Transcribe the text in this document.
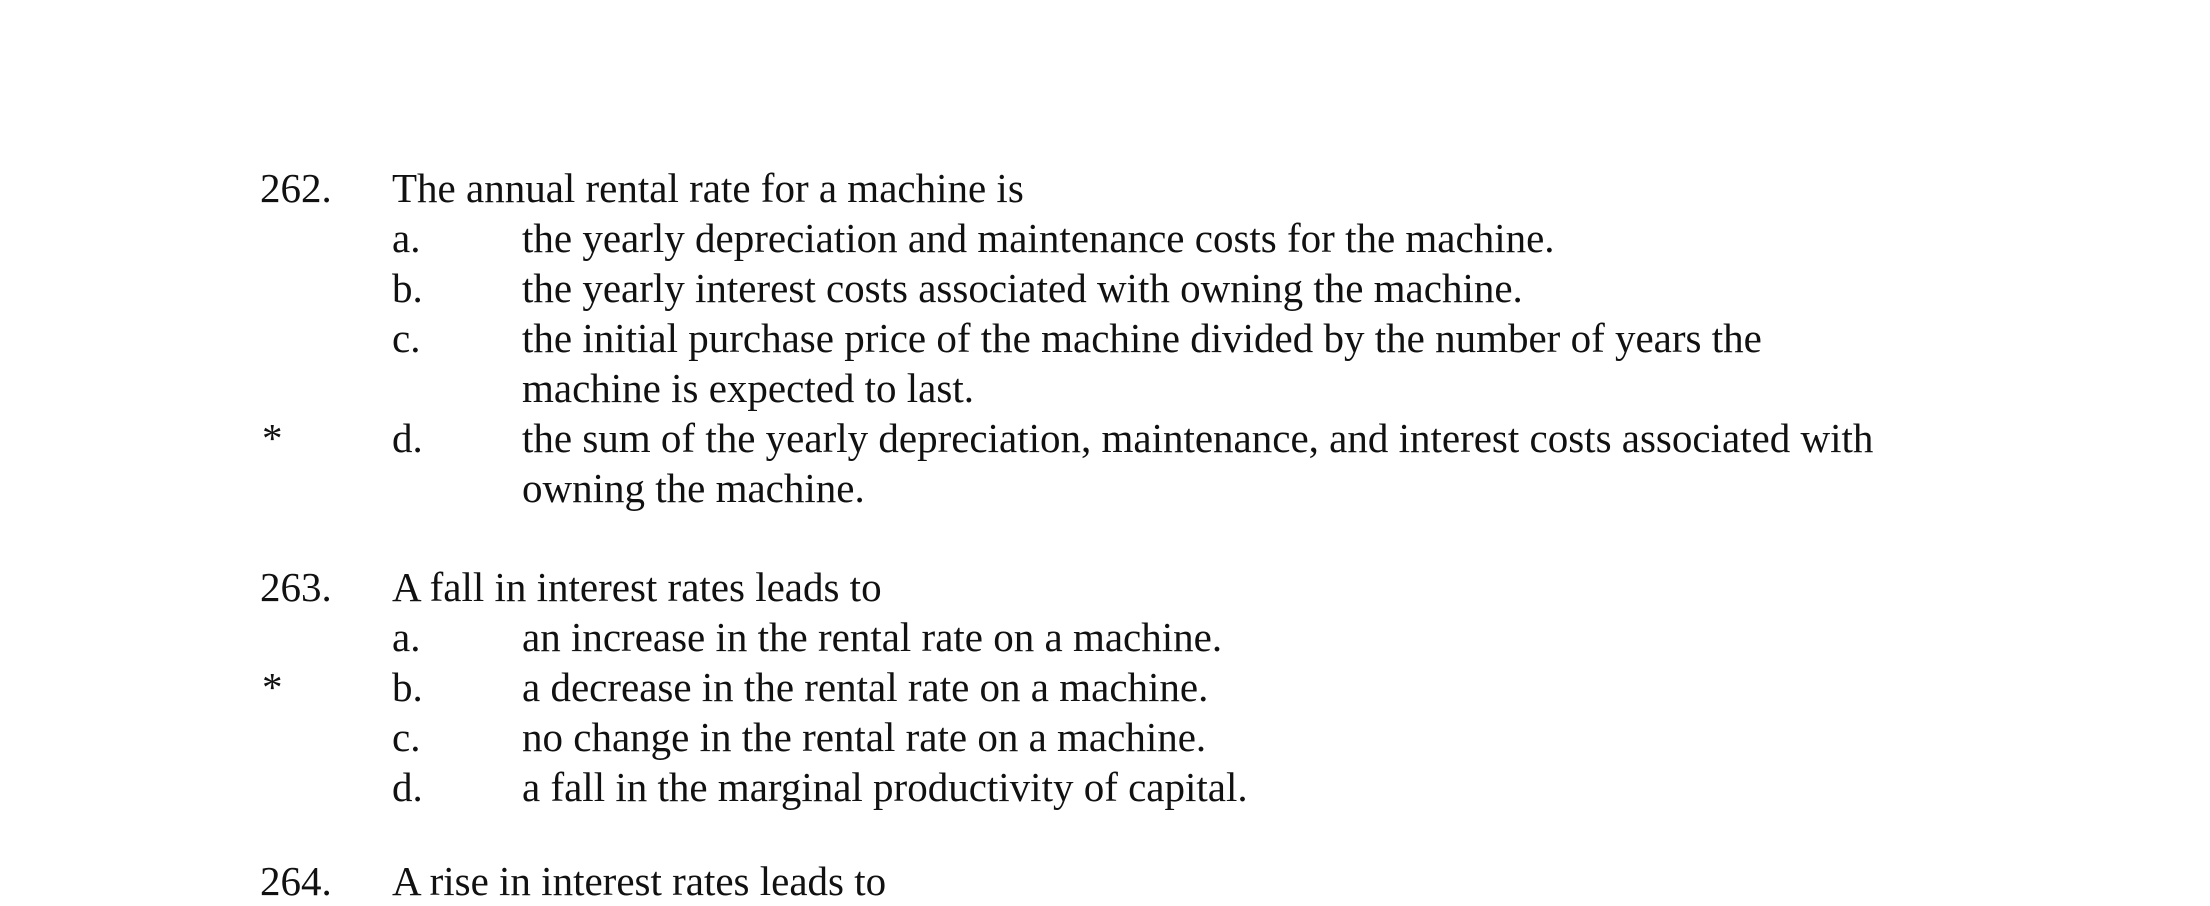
262. The annual rental rate for a machine is
a. the yearly depreciation and maintenance costs for the machine.
b. the yearly interest costs associated with owning the machine.
c. the initial purchase price of the machine divided by the number of years the
machine is expected to last.
*	d. the sum of the yearly depreciation, maintenance, and interest costs associated with
owning the machine.
263. A fall in interest rates leads to
a. an increase in the rental rate on a machine.
*	b. a decrease in the rental rate on a machine.
c. no change in the rental rate on a machine.
d. a fall in the marginal productivity of capital.
264. A rise in interest rates leads to
